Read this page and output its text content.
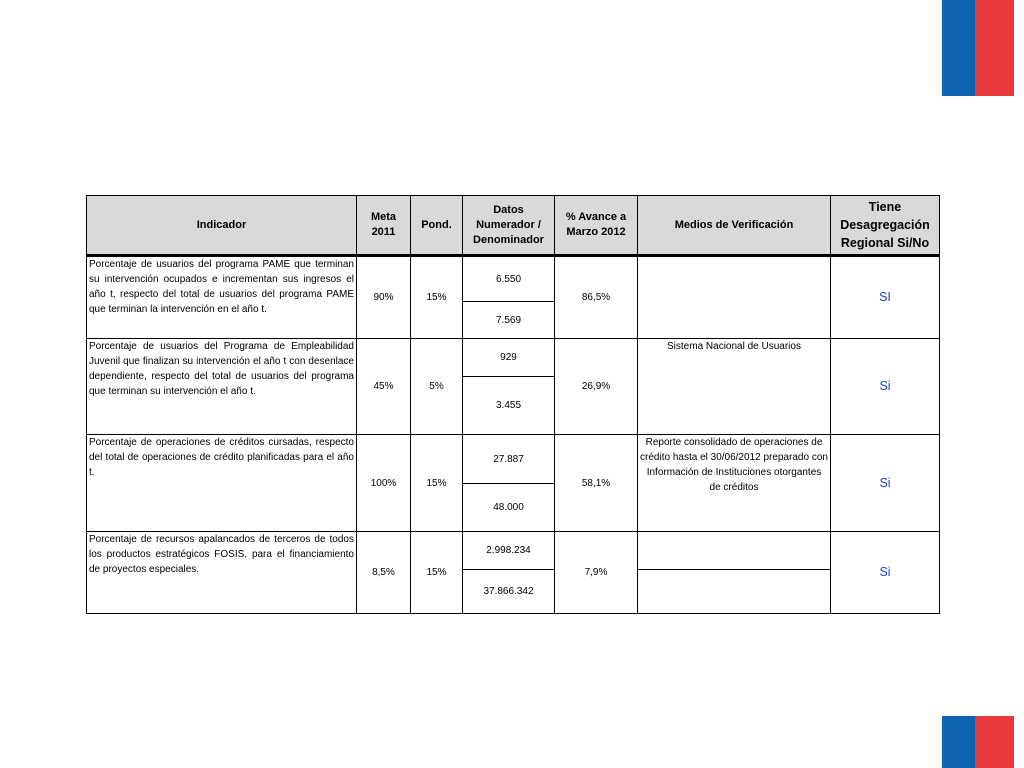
Indicador	Meta 2011	Pond.	Datos Numerador / Denominador	% Avance a Marzo 2012	Medios de Verificación	Tiene Desagregación Regional Si/No
Porcentaje de usuarios del programa PAME que terminan su intervención ocupados e incrementan sus ingresos el año t, respecto del total de usuarios del programa PAME que terminan la intervención en el año t.	90%	15%	6.550	86,5%		SI
			7.569			
Porcentaje de usuarios del Programa de Empleabilidad Juvenil que finalizan su intervención el año t con desenlace dependiente, respecto del total de usuarios del programa que terminan su intervención el año t.	45%	5%	929	26,9%	Sistema Nacional de Usuarios	Si
			3.455			
Porcentaje de operaciones de créditos cursadas, respecto del total de operaciones de crédito planificadas para el año t.	100%	15%	27.887	58,1%	Reporte consolidado de operaciones de crédito hasta el 30/06/2012 preparado con Información de Instituciones otorgantes de créditos	Si
			48.000			
Porcentaje de recursos apalancados de terceros de todos los productos estratégicos FOSIS, para el financiamiento de proyectos especiales.	8,5%	15%	2.998.234	7,9%		Si
			37.866.342			
